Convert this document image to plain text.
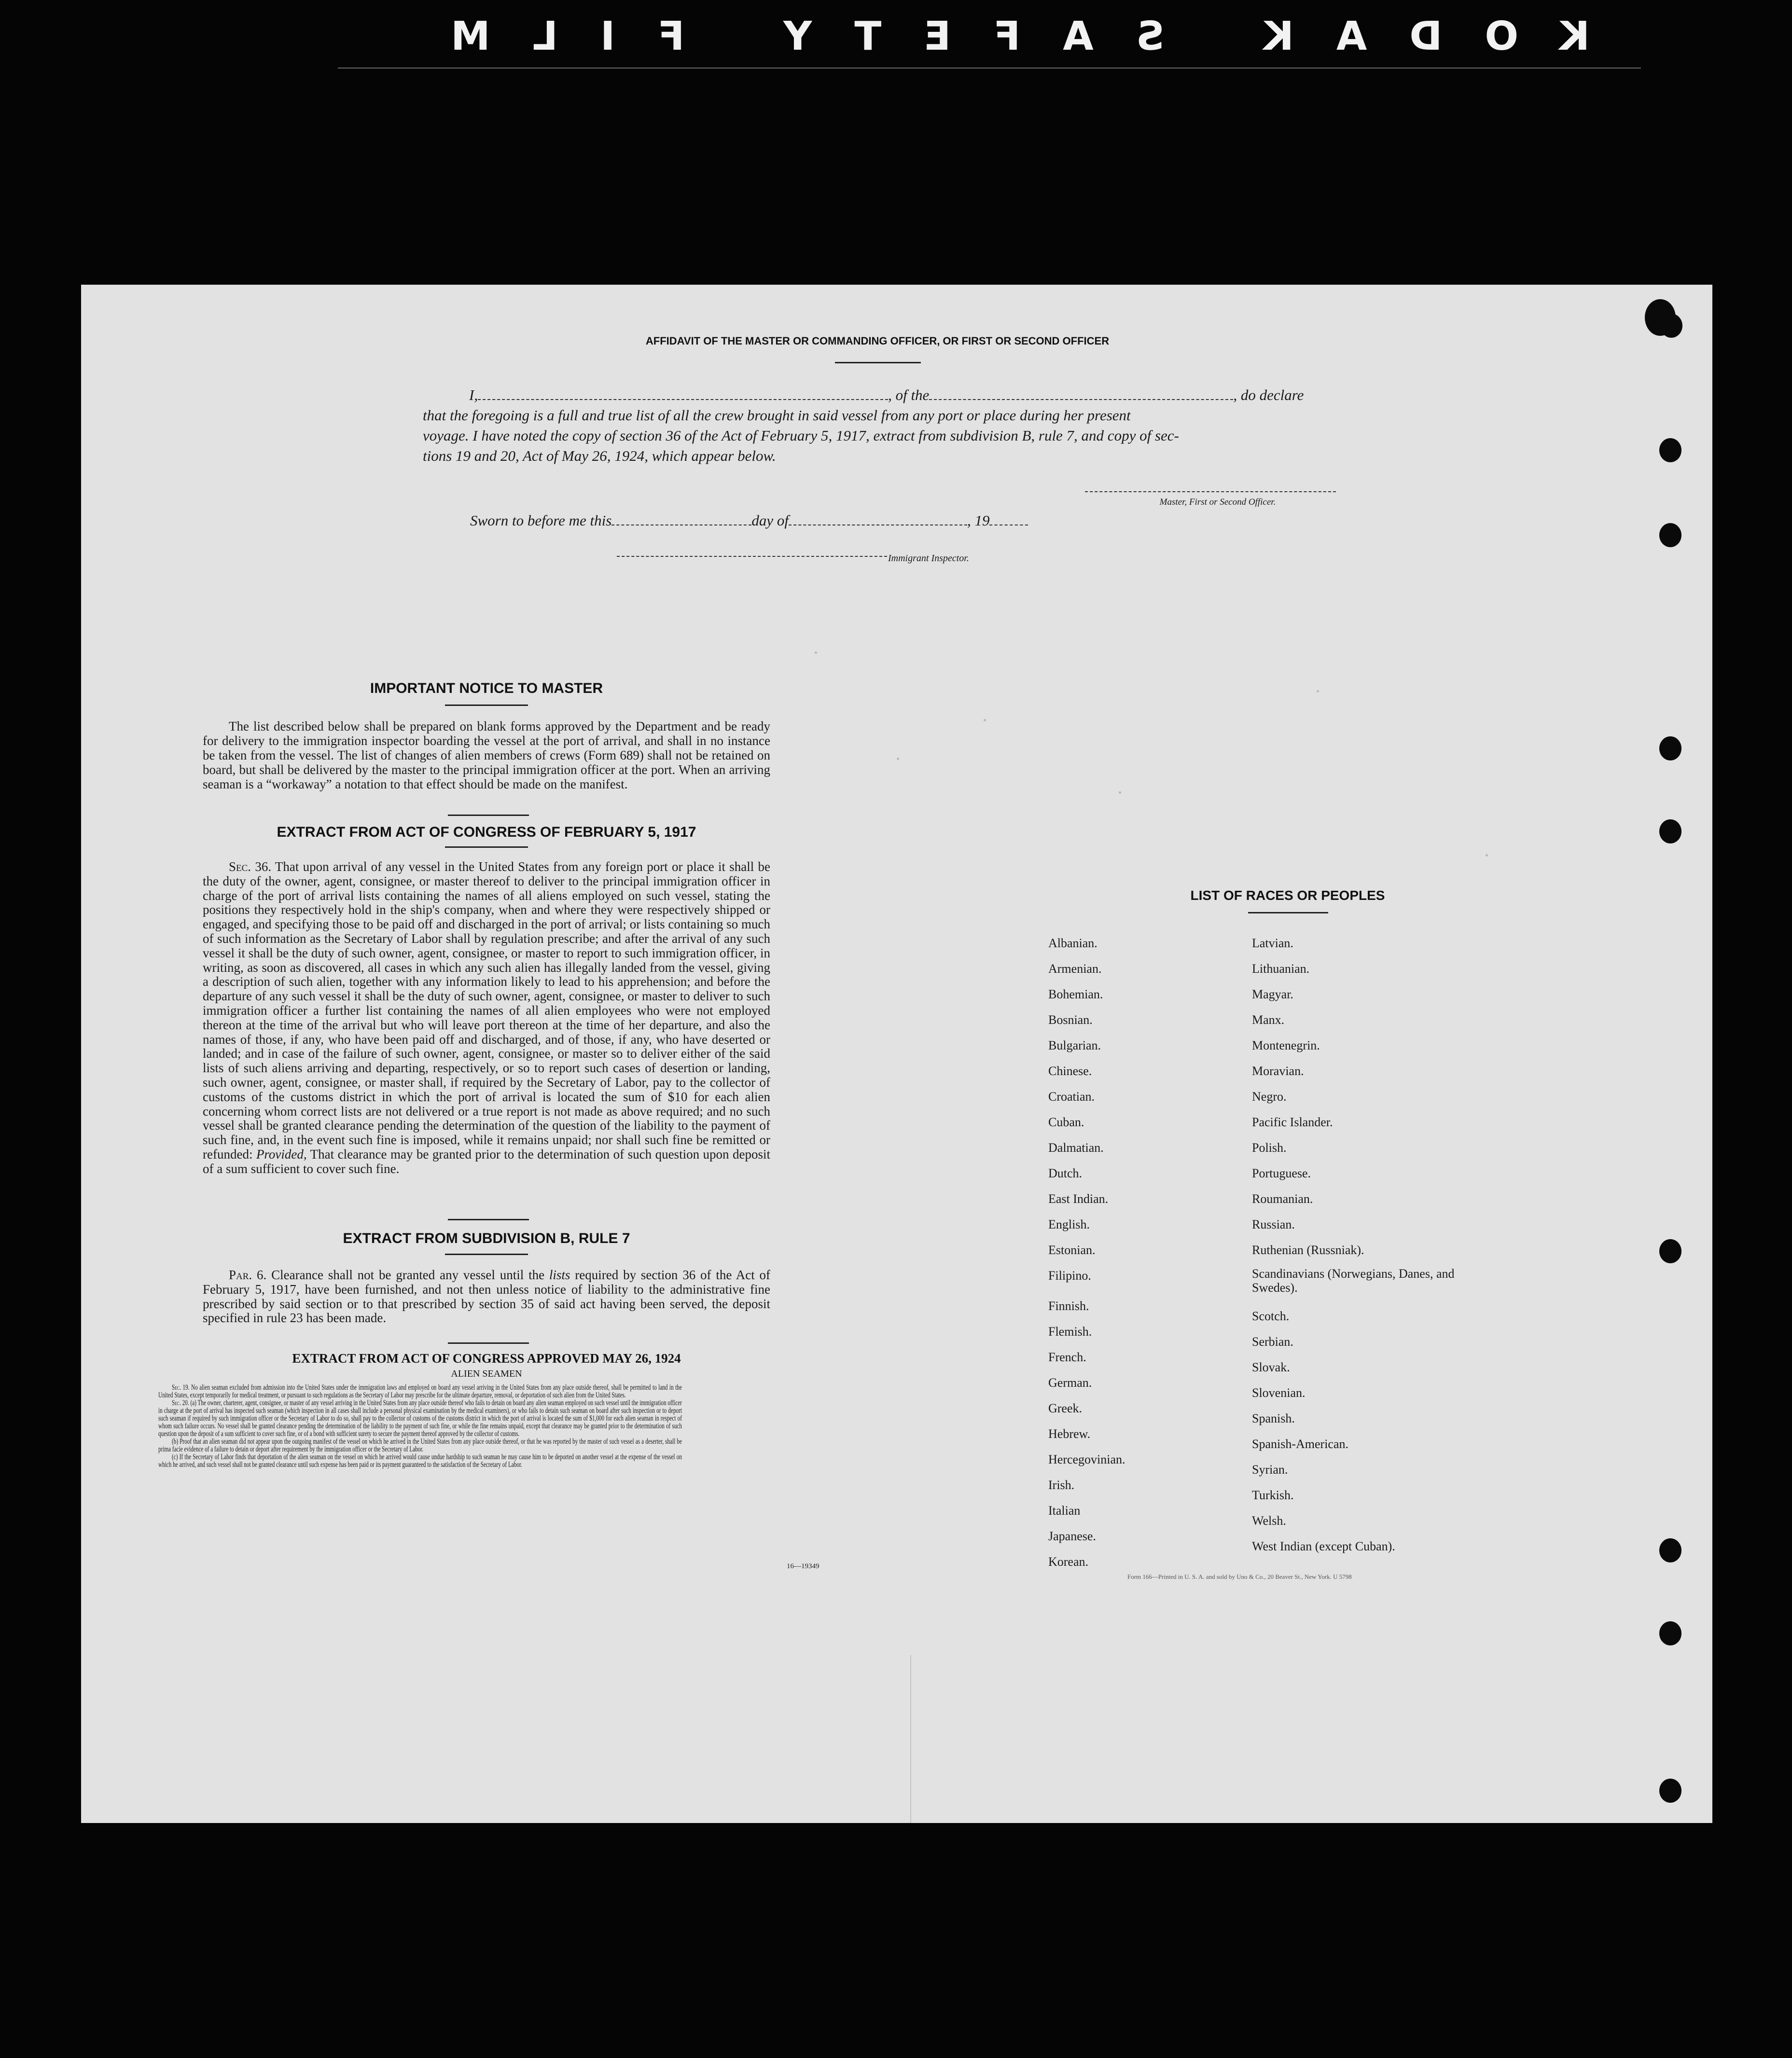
KODAK SAFETY FILM
AFFIDAVIT OF THE MASTER OR COMMANDING OFFICER, OR FIRST OR SECOND OFFICER
I,	, of the	, do declare
that the foregoing is a full and true list of all the crew brought in said vessel from any port or place during her present
voyage. I have noted the copy of section 36 of the Act of February 5, 1917, extract from subdivision B, rule 7, and copy of sec-
tions 19 and 20, Act of May 26, 1924, which appear below.
Master, First or Second Officer.
Sworn to before me this	day of	, 19
Immigrant Inspector.
IMPORTANT NOTICE TO MASTER
The list described below shall be prepared on blank forms approved by the Department and be ready for delivery to the immigration inspector boarding the vessel at the port of arrival, and shall in no instance be taken from the vessel. The list of changes of alien members of crews (Form 689) shall not be retained on board, but shall be delivered by the master to the principal immigration officer at the port. When an arriving seaman is a “workaway” a notation to that effect should be made on the manifest.
EXTRACT FROM ACT OF CONGRESS OF FEBRUARY 5, 1917
Sec. 36. That upon arrival of any vessel in the United States from any foreign port or place it shall be the duty of the owner, agent, consignee, or master thereof to deliver to the principal immigration officer in charge of the port of arrival lists containing the names of all aliens employed on such vessel, stating the positions they respectively hold in the ship's company, when and where they were respectively shipped or engaged, and specifying those to be paid off and discharged in the port of arrival; or lists containing so much of such information as the Secretary of Labor shall by regulation prescribe; and after the arrival of any such vessel it shall be the duty of such owner, agent, consignee, or master to report to such immigration officer, in writing, as soon as discovered, all cases in which any such alien has illegally landed from the vessel, giving a description of such alien, together with any information likely to lead to his apprehension; and before the departure of any such vessel it shall be the duty of such owner, agent, consignee, or master to deliver to such immigration officer a further list containing the names of all alien employees who were not employed thereon at the time of the arrival but who will leave port thereon at the time of her departure, and also the names of those, if any, who have been paid off and discharged, and of those, if any, who have deserted or landed; and in case of the failure of such owner, agent, consignee, or master so to deliver either of the said lists of such aliens arriving and departing, respectively, or so to report such cases of desertion or landing, such owner, agent, consignee, or master shall, if required by the Secretary of Labor, pay to the collector of customs of the customs district in which the port of arrival is located the sum of $10 for each alien concerning whom correct lists are not delivered or a true report is not made as above required; and no such vessel shall be granted clearance pending the determination of the question of the liability to the payment of such fine, and, in the event such fine is imposed, while it remains unpaid; nor shall such fine be remitted or refunded: Provided, That clearance may be granted prior to the determination of such question upon deposit of a sum sufficient to cover such fine.
EXTRACT FROM SUBDIVISION B, RULE 7
Par. 6. Clearance shall not be granted any vessel until the lists required by section 36 of the Act of February 5, 1917, have been furnished, and not then unless notice of liability to the administrative fine prescribed by said section or to that prescribed by section 35 of said act having been served, the deposit specified in rule 23 has been made.
EXTRACT FROM ACT OF CONGRESS APPROVED MAY 26, 1924
ALIEN SEAMEN
Sec. 19. No alien seaman excluded from admission into the United States under the immigration laws and employed on board any vessel arriving in the United States from any place outside thereof, shall be permitted to land in the United States, except temporarily for medical treatment, or pursuant to such regulations as the Secretary of Labor may prescribe for the ultimate departure, removal, or deportation of such alien from the United States.
Sec. 20. (a) The owner, charterer, agent, consignee, or master of any vessel arriving in the United States from any place outside thereof who fails to detain on board any alien seaman employed on such vessel until the immigration officer in charge at the port of arrival has inspected such seaman (which inspection in all cases shall include a personal physical examination by the medical examiners), or who fails to detain such seaman on board after such inspection or to deport such seaman if required by such immigration officer or the Secretary of Labor to do so, shall pay to the collector of customs of the customs district in which the port of arrival is located the sum of $1,000 for each alien seaman in respect of whom such failure occurs. No vessel shall be granted clearance pending the determination of the liability to the payment of such fine, or while the fine remains unpaid, except that clearance may be granted prior to the determination of such question upon the deposit of a sum sufficient to cover such fine, or of a bond with sufficient surety to secure the payment thereof approved by the collector of customs.
(b) Proof that an alien seaman did not appear upon the outgoing manifest of the vessel on which he arrived in the United States from any place outside thereof, or that he was reported by the master of such vessel as a deserter, shall be prima facie evidence of a failure to detain or deport after requirement by the immigration officer or the Secretary of Labor.
(c) If the Secretary of Labor finds that deportation of the alien seaman on the vessel on which he arrived would cause undue hardship to such seaman he may cause him to be deported on another vessel at the expense of the vessel on which he arrived, and such vessel shall not be granted clearance until such expense has been paid or its payment guaranteed to the satisfaction of the Secretary of Labor.
16—19349
LIST OF RACES OR PEOPLES
Albanian.
Armenian.
Bohemian.
Bosnian.
Bulgarian.
Chinese.
Croatian.
Cuban.
Dalmatian.
Dutch.
East Indian.
English.
Estonian.
Filipino.
Finnish.
Flemish.
French.
German.
Greek.
Hebrew.
Hercegovinian.
Irish.
Italian
Japanese.
Korean.
Latvian.
Lithuanian.
Magyar.
Manx.
Montenegrin.
Moravian.
Negro.
Pacific Islander.
Polish.
Portuguese.
Roumanian.
Russian.
Ruthenian (Russniak).
Scandinavians (Norwegians, Danes, and Swedes).
Scotch.
Serbian.
Slovak.
Slovenian.
Spanish.
Spanish-American.
Syrian.
Turkish.
Welsh.
West Indian (except Cuban).
Form 166—Printed in U. S. A. and sold by Uno & Co., 20 Beaver St., New York. U 5798
